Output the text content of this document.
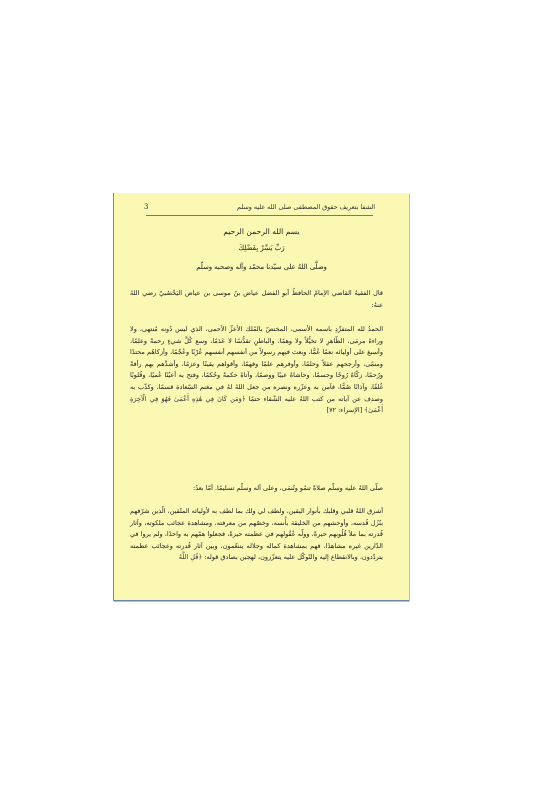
الشفا بتعريف حقوق المصطفى صلى الله عليه وسلم
3
بسم الله الرحمن الرحيم
رَبِّ يَسِّرْ بِفَضْلِكَ
وصلَّى اللهُ على سيّدنا محمّد وآله وصحبه وسلّم
قال الفقيهُ القاضي الإمامُ الحافظُ أبو الفضل عياض بنُ موسى بن عياض اليَحْصُبيّ رضي اللهُ عنهُ:
الحمدُ لله المتفرِّدِ باسمه الأسمى، المختصّ بالمُلك الأعزِّ الأحمى، الذي ليس دُونه مُنتهى، ولا وراءهُ مرمَى، الظّاهرِ لا تخيُّلاً ولا وهمًا، والباطنِ تقدُّسًا لا عَدَمًا، وسع كُلَّ شيءٍ رحمةً وعلمًا، وأسبغ على أوليائه نعمًا عُمًّا، وبعث فيهم رسولاً من أنفسهم أنفسهم عُرْبًا وعُجْمًا، وأزكاهُم محتدًا ومنمًى، وأرجحهم عقلاً وحلمًا، وأوفرهم علمًا وفهمًا، وأقواهم يقينًا وعزمًا، وأشدَّهم بهم رأفةً ورُحمًا، زكّاهُ رُوحًا وجسمًا، وحاشاهُ عيبًا ووصمًا، وآتاهُ حكمةً وحُكمًا، وفتح به أعيُنًا عُميًا، وقُلوبًا غُلفًا، وآذانًا صُمًّا، فآمن به وعزّره ونصره من جعل اللهُ لهُ في مغنم السّعادة قسمًا، وكذّب به وصدف عن آياته من كتب اللهُ عليه الشّقاء حتمًا ﴿وَمَن كَانَ فِي هَٰذِهِ أَعْمَىٰ فَهُوَ فِي الْآخِرَةِ أَعْمَىٰ﴾ [الإسراء: ٧٢]
صلّى اللهُ عليه وسلّم صلاةً تنمُو وتُنمَى، وعلى آله وسلّم تسليمًا. أمّا بعدُ:
أشرق اللهُ قلبي وقلبك بأنوار اليقين، ولطف لي ولك بما لطف به لأوليائه المتّقين، الّذين شرّفهم بنُزُل قُدسه، وأوحشهم من الخليقة بأُنسه، وخصّهم من معرفته، ومشاهدة عجائب ملكوته، وآثار قُدرته بما ملأ قُلُوبهم حيرةً، وولّه عُقُولهم في عظمته حيرةً، فجعلوا همّهم به واحدًا، ولم يروا في الدّارين غيره مشاهدًا، فهم بمشاهدة كماله وجلاله يتنعّمون، وبين آثار قُدرته وعجائب عظمته يتردّدون، وبالانقطاع إليه والتّوكّل عليه يتعزّزون، لهجين بصادق قوله: ﴿قُلِ اللَّهُ
